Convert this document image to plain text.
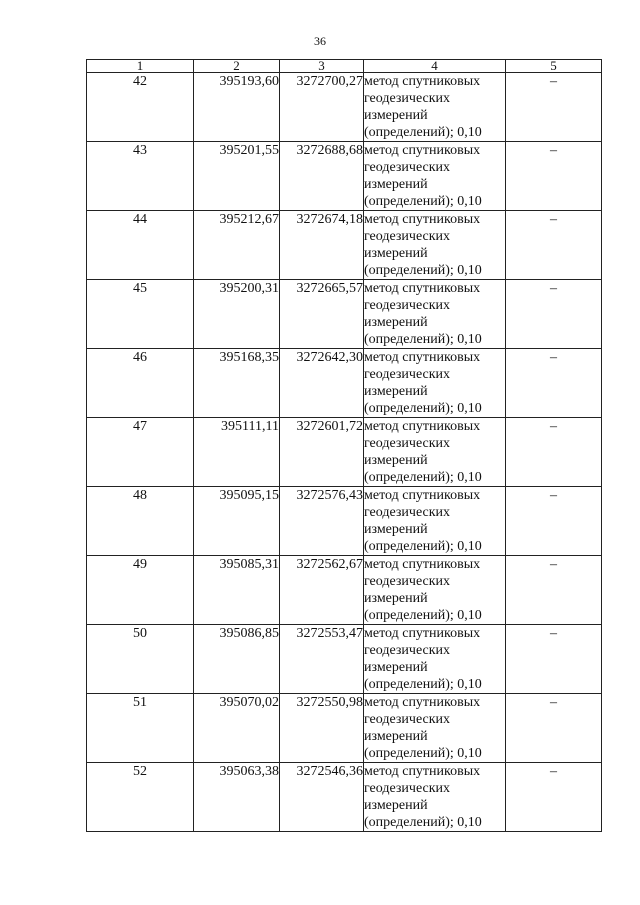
36
1	2	3	4	5
42	395193,60	3272700,27	метод спутниковых геодезических измерений (определений); 0,10	–
43	395201,55	3272688,68	метод спутниковых геодезических измерений (определений); 0,10	–
44	395212,67	3272674,18	метод спутниковых геодезических измерений (определений); 0,10	–
45	395200,31	3272665,57	метод спутниковых геодезических измерений (определений); 0,10	–
46	395168,35	3272642,30	метод спутниковых геодезических измерений (определений); 0,10	–
47	395111,11	3272601,72	метод спутниковых геодезических измерений (определений); 0,10	–
48	395095,15	3272576,43	метод спутниковых геодезических измерений (определений); 0,10	–
49	395085,31	3272562,67	метод спутниковых геодезических измерений (определений); 0,10	–
50	395086,85	3272553,47	метод спутниковых геодезических измерений (определений); 0,10	–
51	395070,02	3272550,98	метод спутниковых геодезических измерений (определений); 0,10	–
52	395063,38	3272546,36	метод спутниковых геодезических измерений (определений); 0,10	–
